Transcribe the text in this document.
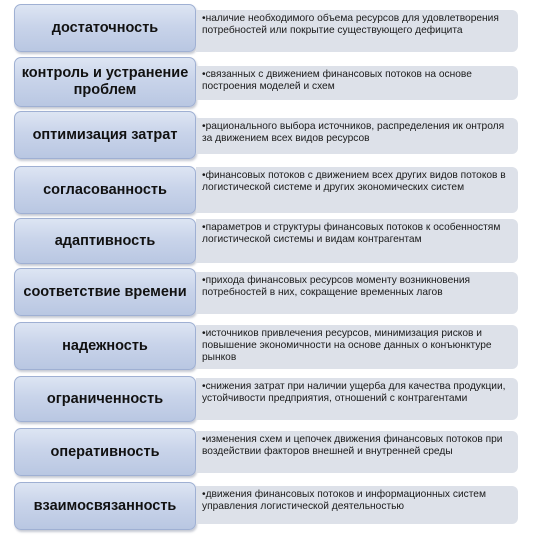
достаточность
•наличие необходимого объема ресурсов для удовлетворения потребностей или покрытие существующего дефицита
контроль и устранение проблем
•связанных с движением финансовых потоков на основе построения моделей и схем
оптимизация затрат	•рационального выбора источников, распределения ик онтроля за движением всех видов ресурсов
согласованность
•финансовых потоков с движением всех других видов потоков в логистической системе и других экономических систем
адаптивность
•параметров и структуры финансовых потоков к особенностям логистической системы и видам контрагентам
соответствие времени
•прихода финансовых ресурсов моменту возникновения потребностей в них, сокращение временных лагов
надежность
•источников привлечения ресурсов, минимизация рисков и повышение экономичности на основе данных о конъюнктуре рынков
ограниченность
•снижения затрат при наличии ущерба для качества продукции, устойчивости предприятия, отношений с контрагентами
оперативность
•изменения схем и цепочек движения финансовых потоков при воздействии факторов внешней и внутренней среды
взаимосвязанность
•движения финансовых потоков и информационных систем управления логистической деятельностью
